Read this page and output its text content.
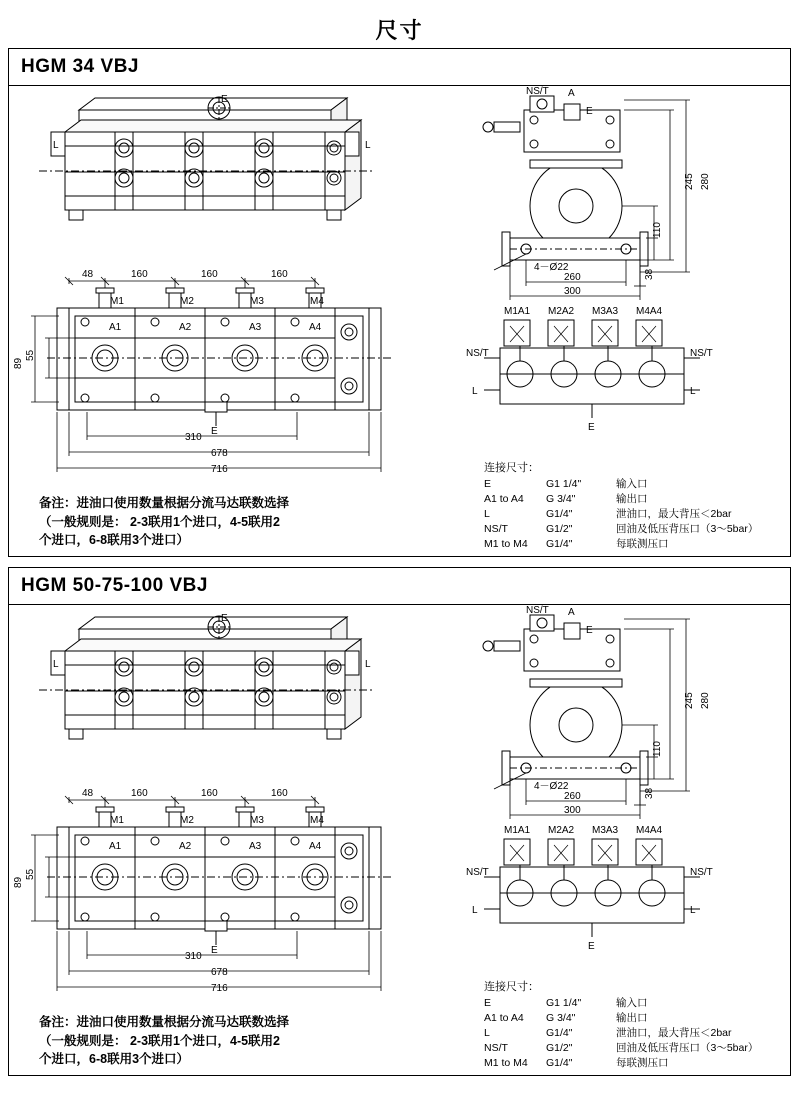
尺寸
HGM 34 VBJ
48	160	160	160
310
678
716
55
89
M1	M2	M3	M4
A1	A2	A3	A4
E
E
L	L
备注：进油口使用数量根据分流马达联数选择
（一般规则是： 2-3联用1个进口，4-5联用2
个进口，6-8联用3个进口）
NS/T A
E
245 280
110
38
4－Ø22
260
300
M1A1 M2A2 M3A3 M4A4
NS/T	NS/T
L	L
E
连接尺寸：
E	G1 1/4"	输入口
A1 to A4	G 3/4"	输出口
L	G1/4"	泄油口，最大背压＜2bar
NS/T	G1/2"	回油及低压背压口（3～5bar）
M1 to M4	G1/4"	每联测压口
HGM 50-75-100 VBJ
48	160	160	160
310
678
716
55
89
M1	M2	M3	M4
A1	A2	A3	A4
E
E
L	L
备注：进油口使用数量根据分流马达联数选择
（一般规则是： 2-3联用1个进口，4-5联用2
个进口，6-8联用3个进口）
NS/T A
E
245 280
110
38
4－Ø22
260
300
M1A1 M2A2 M3A3 M4A4
NS/T	NS/T
L	L
E
连接尺寸：
E	G1 1/4"	输入口
A1 to A4	G 3/4"	输出口
L	G1/4"	泄油口，最大背压＜2bar
NS/T	G1/2"	回油及低压背压口（3～5bar）
M1 to M4	G1/4"	每联测压口
